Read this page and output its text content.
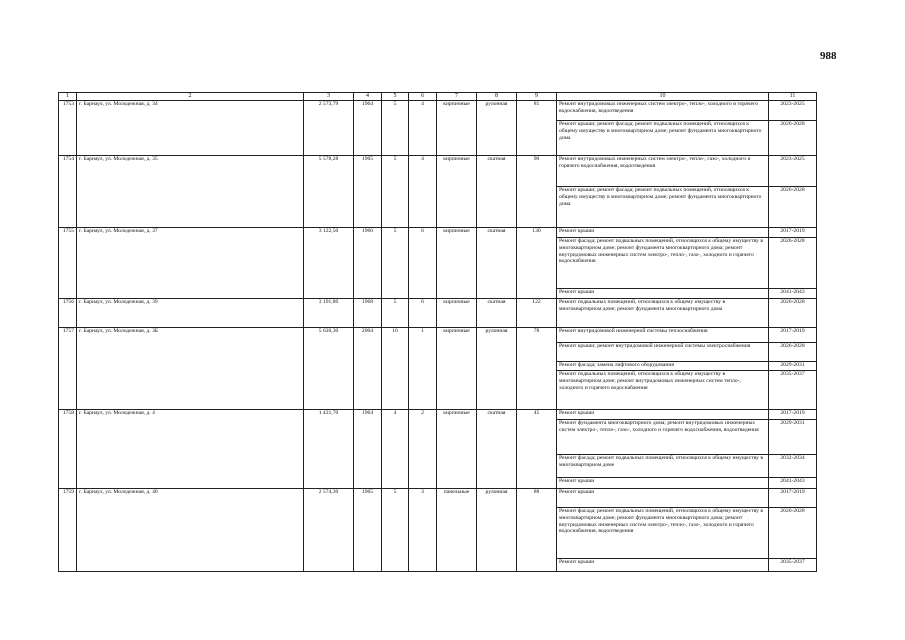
988
1	2	3	4	5	6	7	8	9	10	11
1753	г. Барнаул, ул. Молодежная, д. 34	2 573,79	1964	5	4	кирпичные	рулонная	81	Ремонт внутридомовых инженерных систем электро-, тепло-, холодного и горячего водоснабжения, водоотведения	2023-2025
									Ремонт крыши; ремонт фасада; ремонт подвальных помещений, относящихся к общему имуществу в многоквартирном доме; ремонт фундамента многоквартирного дома	2026-2028
1754	г. Барнаул, ул. Молодежная, д. 35	5 578,28	1965	5	4	кирпичные	скатная	90	Ремонт внутридомовых инженерных систем электро-, тепло-, газо-, холодного и горячего водоснабжения, водоотведения	2023-2025
									Ремонт крыши; ремонт фасада; ремонт подвальных помещений, относящихся к общему имуществу в многоквартирном доме; ремонт фундамента многоквартирного дома	2026-2028
1755	г. Барнаул, ул. Молодежная, д. 37	3 122,50	1966	5	6	кирпичные	скатная	130	Ремонт крыши	2017-2019
									Ремонт фасада; ремонт подвальных помещений, относящихся к общему имуществу в многоквартирном доме; ремонт фундамента многоквартирного дома; ремонт внутридомовых инженерных систем электро-, тепло-, газо-, холодного и горячего водоснабжения	2026-2028
									Ремонт крыши	2041-2043
1756	г. Барнаул, ул. Молодежная, д. 39	3 191,80	1968	5	6	кирпичные	скатная	122	Ремонт подвальных помещений, относящихся к общему имуществу в многоквартирном доме; ремонт фундамента многоквартирного дома	2026-2028
1757	г. Барнаул, ул. Молодежная, д. 3Б	5 620,30	2004	16	1	кирпичные	рулонная	78	Ремонт внутридомовой инженерной системы теплоснабжения	2017-2019
									Ремонт крыши; ремонт внутридомовой инженерной системы электроснабжения	2026-2028
									Ремонт фасада; замена лифтового оборудования	2029-2031
									Ремонт подвальных помещений, относящихся к общему имуществу в многоквартирном доме; ремонт внутридомовых инженерных систем тепло-, холодного и горячего водоснабжения	2035-2037
1758	г. Барнаул, ул. Молодежная, д. 4	1 421,70	1964	4	2	кирпичные	скатная	45	Ремонт крыши	2017-2019
									Ремонт фундамента многоквартирного дома; ремонт внутридомовых инженерных систем электро-, тепло-, газо-, холодного и горячего водоснабжения, водоотведения	2029-2031
									Ремонт фасада; ремонт подвальных помещений, относящихся к общему имуществу в многоквартирном доме	2032-2034
									Ремонт крыши	2041-2043
1759	г. Барнаул, ул. Молодежная, д. 40	2 574,30	1965	5	3	панельные	рулонная	88	Ремонт крыши	2017-2019
									Ремонт фасада; ремонт подвальных помещений, относящихся к общему имуществу в многоквартирном доме; ремонт фундамента многоквартирного дома; ремонт внутридомовых инженерных систем электро-, тепло-, газо-, холодного и горячего водоснабжения, водоотведения	2026-2028
									Ремонт крыши	2035-2037
